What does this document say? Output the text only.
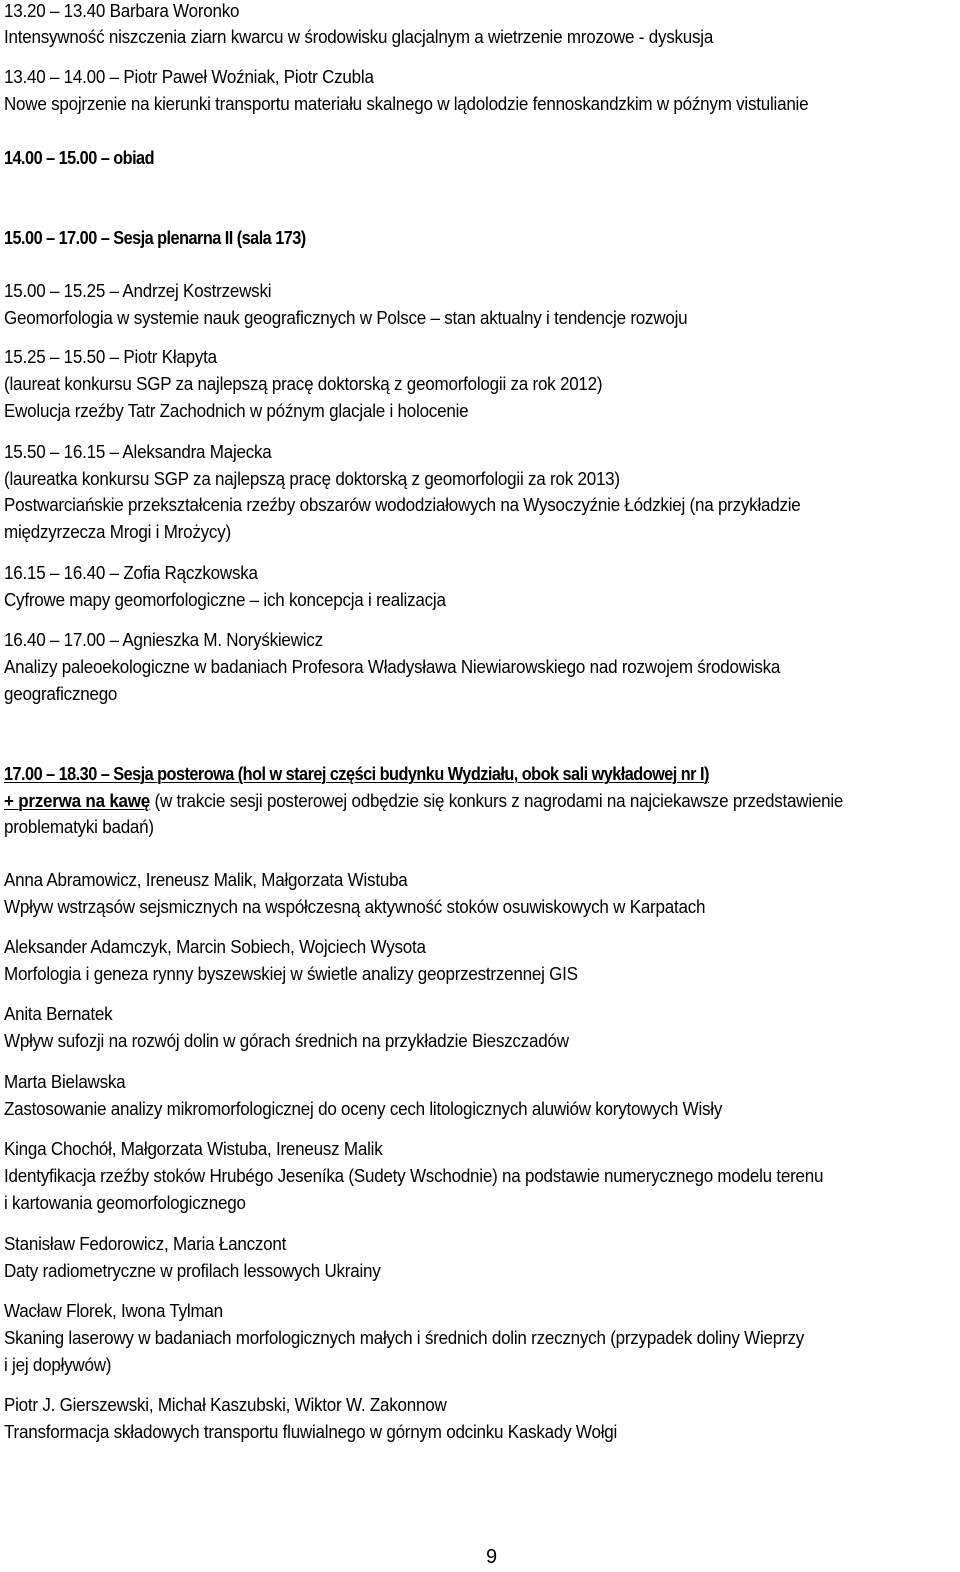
13.20 – 13.40 Barbara Woronko
Intensywność niszczenia ziarn kwarcu w środowisku glacjalnym a wietrzenie mrozowe - dyskusja
13.40 – 14.00 – Piotr Paweł Woźniak, Piotr Czubla
Nowe spojrzenie na kierunki transportu materiału skalnego w lądolodzie fennoskandzkim w późnym vistulianie
14.00 – 15.00 – obiad
15.00 – 17.00 – Sesja plenarna II (sala 173)
15.00 – 15.25 – Andrzej Kostrzewski
Geomorfologia w systemie nauk geograficznych w Polsce – stan aktualny i tendencje rozwoju
15.25 – 15.50 – Piotr Kłapyta
(laureat konkursu SGP za najlepszą pracę doktorską z geomorfologii za rok 2012)
Ewolucja rzeźby Tatr Zachodnich w późnym glacjale i holocenie
15.50 – 16.15 – Aleksandra Majecka
(laureatka konkursu SGP za najlepszą pracę doktorską z geomorfologii za rok 2013)
Postwarciańskie przekształcenia rzeźby obszarów wododziałowych na Wysoczyźnie Łódzkiej (na przykładzie
międzyrzecza Mrogi i Mrożycy)
16.15 – 16.40 – Zofia Rączkowska
Cyfrowe mapy geomorfologiczne – ich koncepcja i realizacja
16.40 – 17.00 – Agnieszka M. Noryśkiewicz
Analizy paleoekologiczne w badaniach Profesora Władysława Niewiarowskiego nad rozwojem środowiska
geograficznego
17.00 – 18.30 – Sesja posterowa (hol w starej części budynku Wydziału, obok sali wykładowej nr I)
+ przerwa na kawę (w trakcie sesji posterowej odbędzie się konkurs z nagrodami na najciekawsze przedstawienie
problematyki badań)
Anna Abramowicz, Ireneusz Malik, Małgorzata Wistuba
Wpływ wstrząsów sejsmicznych na współczesną aktywność stoków osuwiskowych w Karpatach
Aleksander Adamczyk, Marcin Sobiech, Wojciech Wysota
Morfologia i geneza rynny byszewskiej w świetle analizy geoprzestrzennej GIS
Anita Bernatek
Wpływ sufozji na rozwój dolin w górach średnich na przykładzie Bieszczadów
Marta Bielawska
Zastosowanie analizy mikromorfologicznej do oceny cech litologicznych aluwiów korytowych Wisły
Kinga Chochół, Małgorzata Wistuba, Ireneusz Malik
Identyfikacja rzeźby stoków Hrubégo Jeseníka (Sudety Wschodnie) na podstawie numerycznego modelu terenu
i kartowania geomorfologicznego
Stanisław Fedorowicz, Maria Łanczont
Daty radiometryczne w profilach lessowych Ukrainy
Wacław Florek, Iwona Tylman
Skaning laserowy w badaniach morfologicznych małych i średnich dolin rzecznych (przypadek doliny Wieprzy
i jej dopływów)
Piotr J. Gierszewski, Michał Kaszubski, Wiktor W. Zakonnow
Transformacja składowych transportu fluwialnego w górnym odcinku Kaskady Wołgi
9
